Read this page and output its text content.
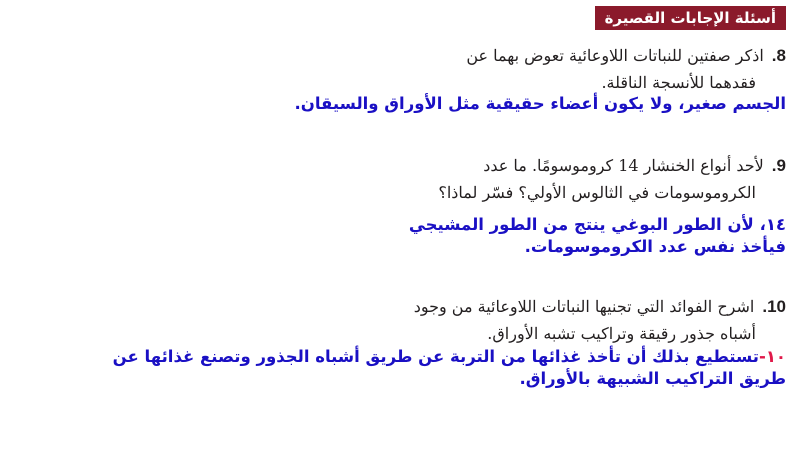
أسئلة الإجابات القصيرة
8.اذكر صفتين للنباتات اللاوعائية تعوض بهما عن
فقدهما للأنسجة الناقلة.
الجسم صغير، ولا يكون أعضاء حقيقية مثل الأوراق والسيقان.
9.لأحد أنواع الخنشار 14 كروموسومًا. ما عدد
الكروموسومات في الثالوس الأولي؟ فسّر لماذا؟
١٤، لأن الطور البوغي ينتج من الطور المشيجي فيأخذ نفس عدد الكروموسومات.
10.اشرح الفوائد التي تجنيها النباتات اللاوعائية من وجود
أشباه جذور رقيقة وتراكيب تشبه الأوراق.
١٠-تستطيع بذلك أن تأخذ غذائها من التربة عن طريق أشباه الجذور وتصنع غذائها عن طريق التراكيب الشبيهة بالأوراق.
